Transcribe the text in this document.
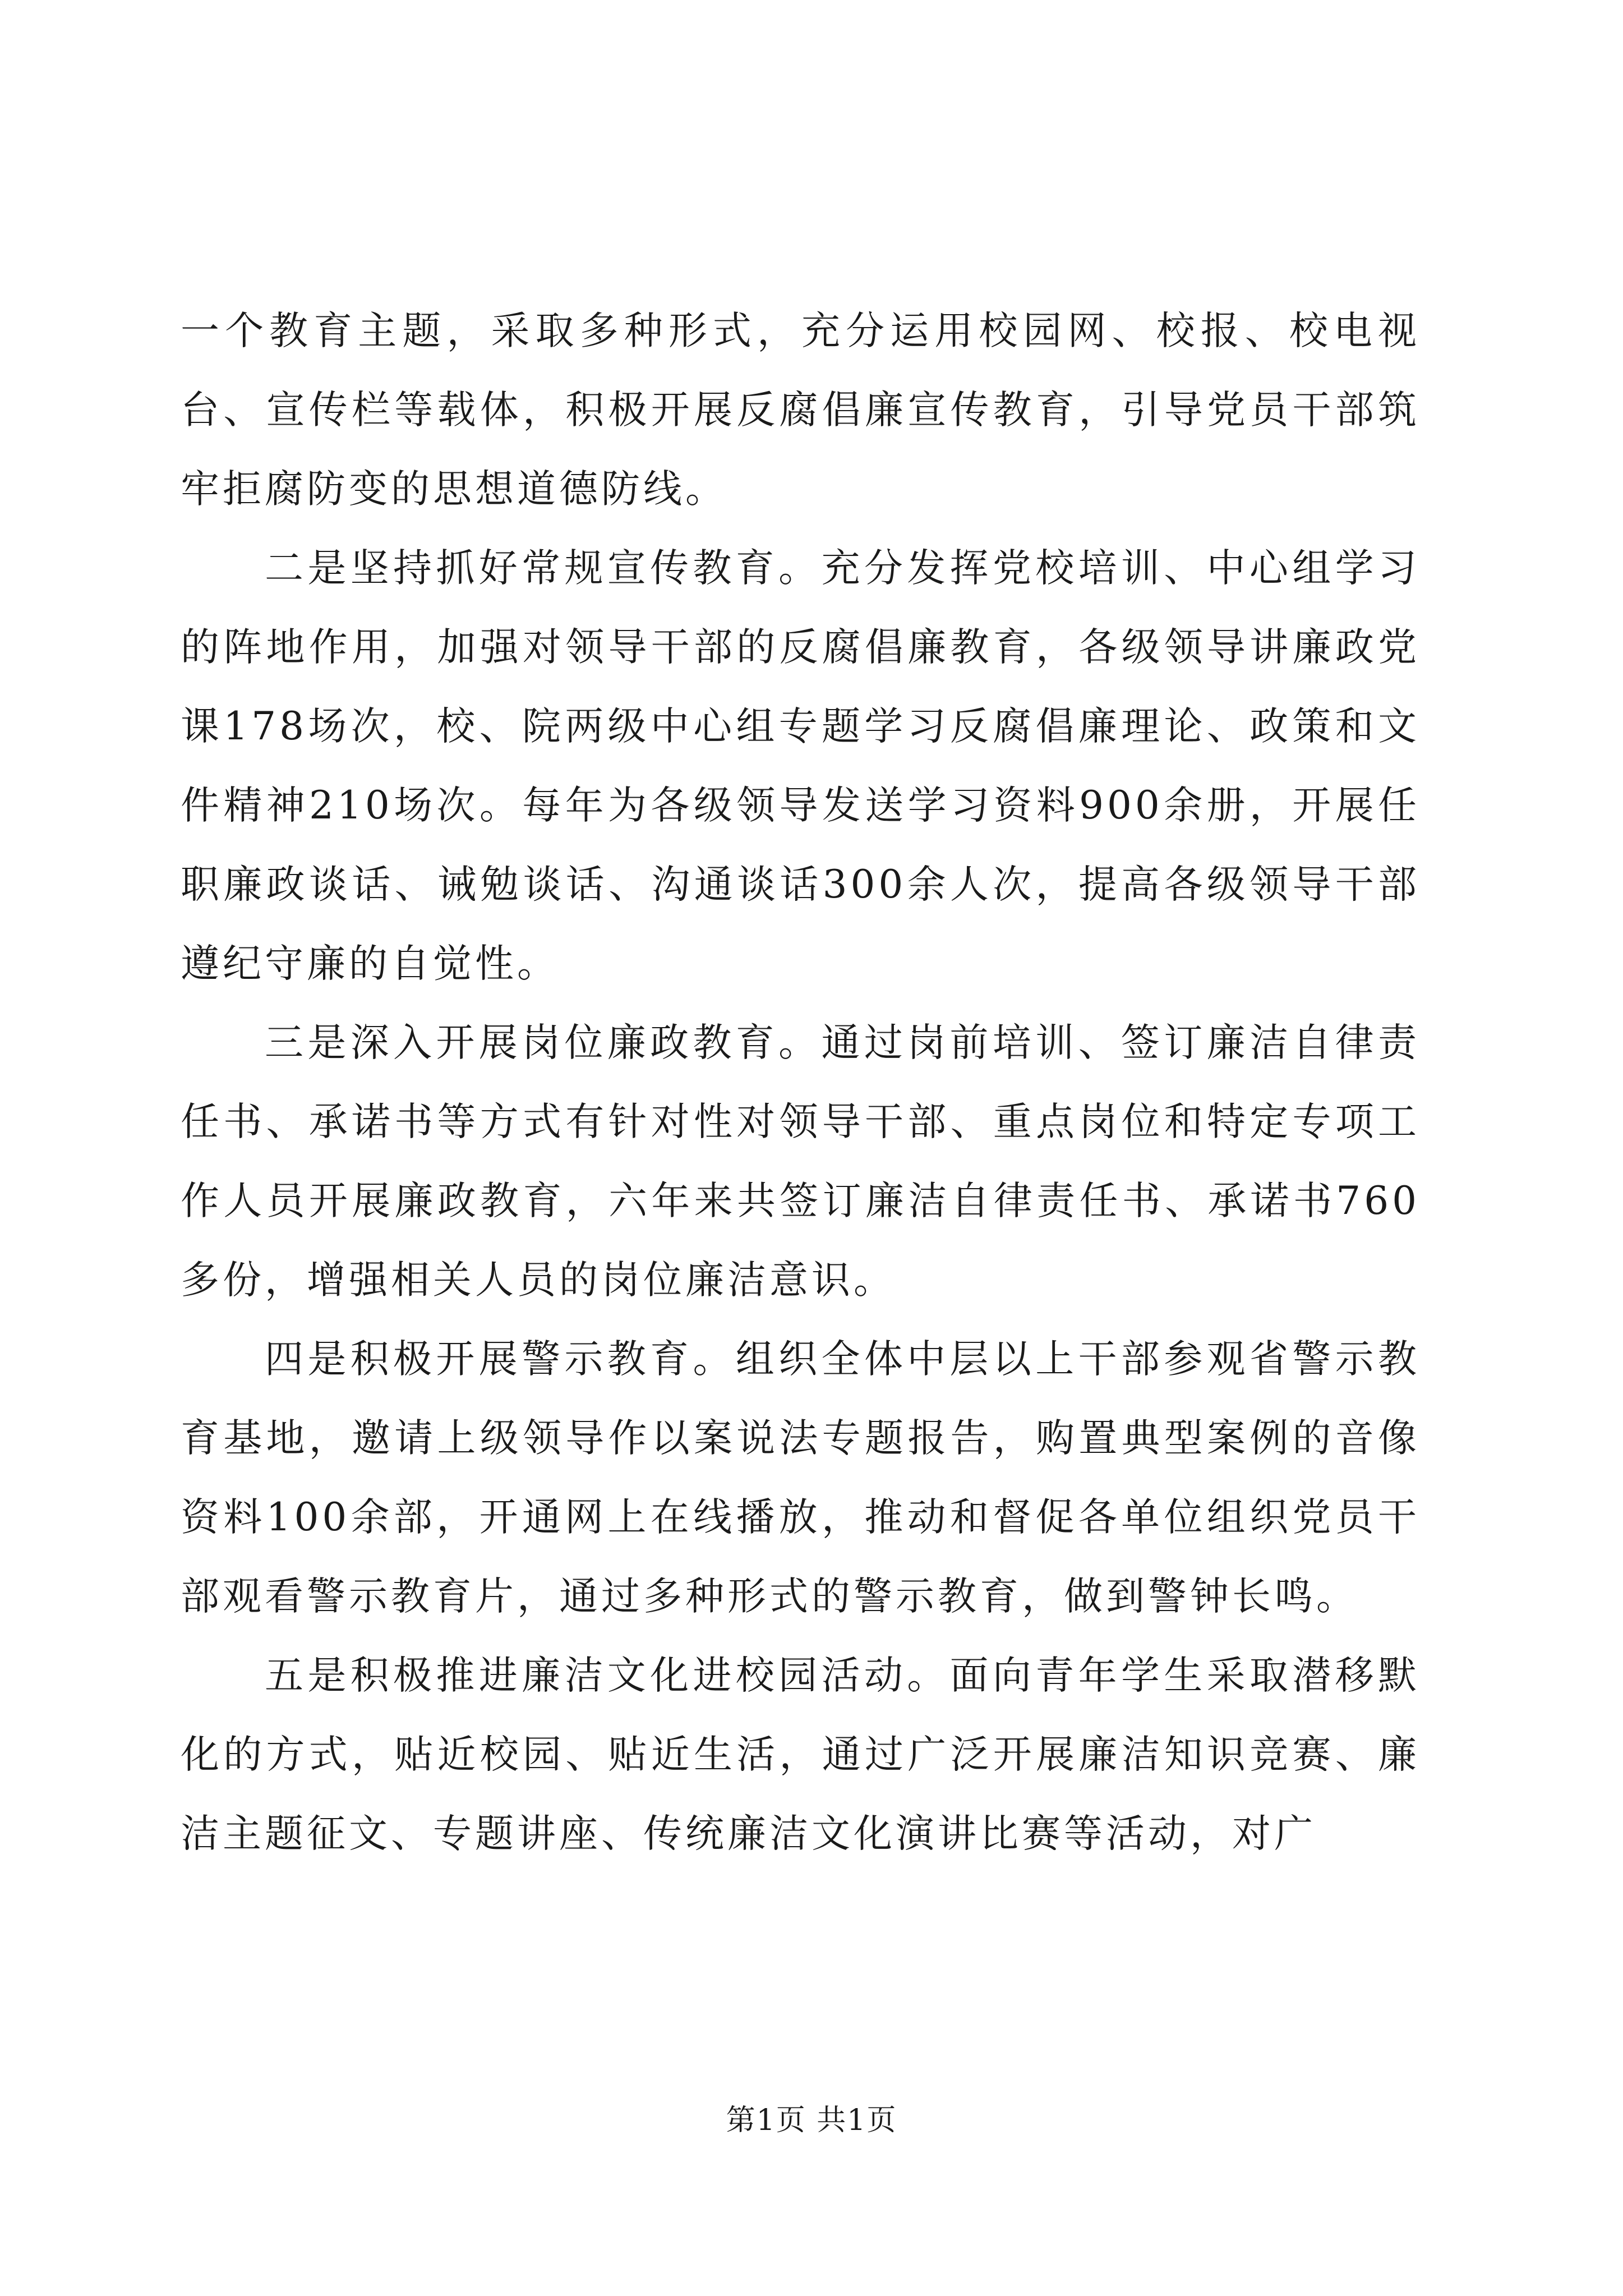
一个教育主题，采取多种形式，充分运用校园网、校报、校电视台、宣传栏等载体，积极开展反腐倡廉宣传教育，引导党员干部筑牢拒腐防变的思想道德防线。

二是坚持抓好常规宣传教育。充分发挥党校培训、中心组学习的阵地作用，加强对领导干部的反腐倡廉教育，各级领导讲廉政党课178场次，校、院两级中心组专题学习反腐倡廉理论、政策和文件精神210场次。每年为各级领导发送学习资料900余册，开展任职廉政谈话、诫勉谈话、沟通谈话300余人次，提高各级领导干部遵纪守廉的自觉性。

三是深入开展岗位廉政教育。通过岗前培训、签订廉洁自律责任书、承诺书等方式有针对性对领导干部、重点岗位和特定专项工作人员开展廉政教育，六年来共签订廉洁自律责任书、承诺书760多份，增强相关人员的岗位廉洁意识。

四是积极开展警示教育。组织全体中层以上干部参观省警示教育基地，邀请上级领导作以案说法专题报告，购置典型案例的音像资料100余部，开通网上在线播放，推动和督促各单位组织党员干部观看警示教育片，通过多种形式的警示教育，做到警钟长鸣。

五是积极推进廉洁文化进校园活动。面向青年学生采取潜移默化的方式，贴近校园、贴近生活，通过广泛开展廉洁知识竞赛、廉洁主题征文、专题讲座、传统廉洁文化演讲比赛等活动，对广

第1页 共1页
